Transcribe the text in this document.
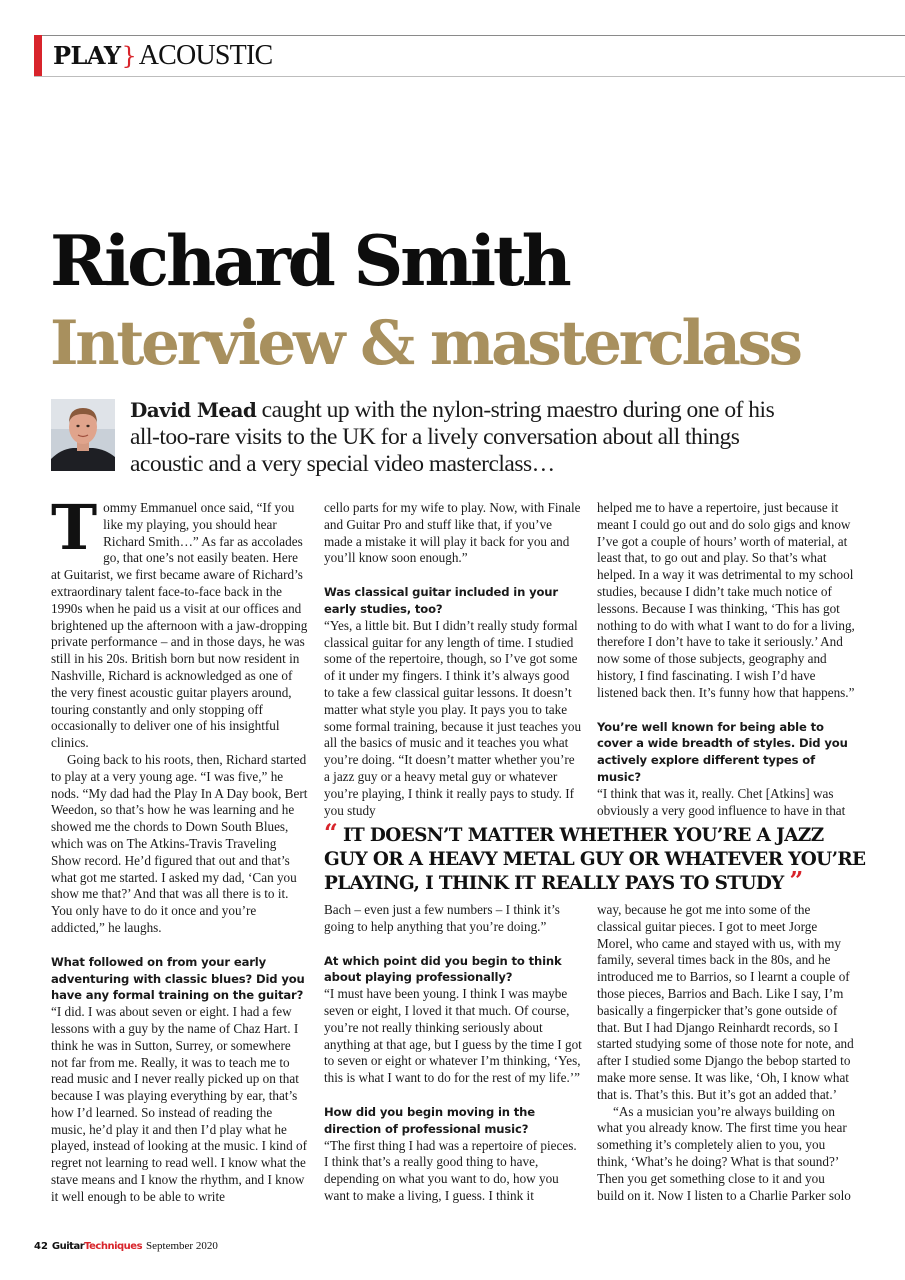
PLAY}ACOUSTIC
Richard Smith
Interview & masterclass
David Mead caught up with the nylon-string maestro during one of his all-too-rare visits to the UK for a lively conversation about all things acoustic and a very special video masterclass…

Tommy Emmanuel once said, “If you like my playing, you should hear Richard Smith…” As far as accolades go, that one’s not easily beaten. Here at Guitarist, we first became aware of Richard’s extraordinary talent face-to-face back in the 1990s when he paid us a visit at our offices and brightened up the afternoon with a jaw-dropping private performance – and in those days, he was still in his 20s. British born but now resident in Nashville, Richard is acknowledged as one of the very finest acoustic guitar players around, touring constantly and only stopping off occasionally to deliver one of his insightful clinics.

Going back to his roots, then, Richard started to play at a very young age. “I was five,” he nods. “My dad had the Play In A Day book, Bert Weedon, so that’s how he was learning and he showed me the chords to Down South Blues, which was on The Atkins-Travis Traveling Show record. He’d figured that out and that’s what got me started. I asked my dad, ‘Can you show me that?’ And that was all there is to it. You only have to do it once and you’re addicted,” he laughs.

What followed on from your early adventuring with classic blues? Did you have any formal training on the guitar?

“I did. I was about seven or eight. I had a few lessons with a guy by the name of Chaz Hart. I think he was in Sutton, Surrey, or somewhere not far from me. Really, it was to teach me to read music and I never really picked up on that because I was playing everything by ear, that’s how I’d learned. So instead of reading the music, he’d play it and then I’d play what he played, instead of looking at the music. I kind of regret not learning to read well. I know what the stave means and I know the rhythm, and I know it well enough to be able to write

cello parts for my wife to play. Now, with Finale and Guitar Pro and stuff like that, if you’ve made a mistake it will play it back for you and you’ll know soon enough.”

Was classical guitar included in your early studies, too?

“Yes, a little bit. But I didn’t really study formal classical guitar for any length of time. I studied some of the repertoire, though, so I’ve got some of it under my fingers. I think it’s always good to take a few classical guitar lessons. It doesn’t matter what style you play. It pays you to take some formal training, because it just teaches you all the basics of music and it teaches you what you’re doing. “It doesn’t matter whether you’re a jazz guy or a heavy metal guy or whatever you’re playing, I think it really pays to study. If you study

helped me to have a repertoire, just because it meant I could go out and do solo gigs and know I’ve got a couple of hours’ worth of material, at least that, to go out and play. So that’s what helped. In a way it was detrimental to my school studies, because I didn’t take much notice of lessons. Because I was thinking, ‘This has got nothing to do with what I want to do for a living, therefore I don’t have to take it seriously.’ And now some of those subjects, geography and history, I find fascinating. I wish I’d have listened back then. It’s funny how that happens.”

You’re well known for being able to cover a wide breadth of styles. Did you actively explore different types of music?

“I think that was it, really. Chet [Atkins] was obviously a very good influence to have in that

“ IT DOESN’T MATTER WHETHER YOU’RE A JAZZ GUY OR A HEAVY METAL GUY OR WHATEVER YOU’RE PLAYING, I THINK IT REALLY PAYS TO STUDY ”

Bach – even just a few numbers – I think it’s going to help anything that you’re doing.”

At which point did you begin to think about playing professionally?

“I must have been young. I think I was maybe seven or eight, I loved it that much. Of course, you’re not really thinking seriously about anything at that age, but I guess by the time I got to seven or eight or whatever I’m thinking, ‘Yes, this is what I want to do for the rest of my life.’”

How did you begin moving in the direction of professional music?

“The first thing I had was a repertoire of pieces. I think that’s a really good thing to have, depending on what you want to do, how you want to make a living, I guess. I think it

way, because he got me into some of the classical guitar pieces. I got to meet Jorge Morel, who came and stayed with us, with my family, several times back in the 80s, and he introduced me to Barrios, so I learnt a couple of those pieces, Barrios and Bach. Like I say, I’m basically a fingerpicker that’s gone outside of that. But I had Django Reinhardt records, so I started studying some of those note for note, and after I studied some Django the bebop started to make more sense. It was like, ‘Oh, I know what that is. That’s this. But it’s got an added that.’

“As a musician you’re always building on what you already know. The first time you hear something it’s completely alien to you, you think, ‘What’s he doing? What is that sound?’ Then you get something close to it and you build on it. Now I listen to a Charlie Parker solo

42 GuitarTechniques September 2020
